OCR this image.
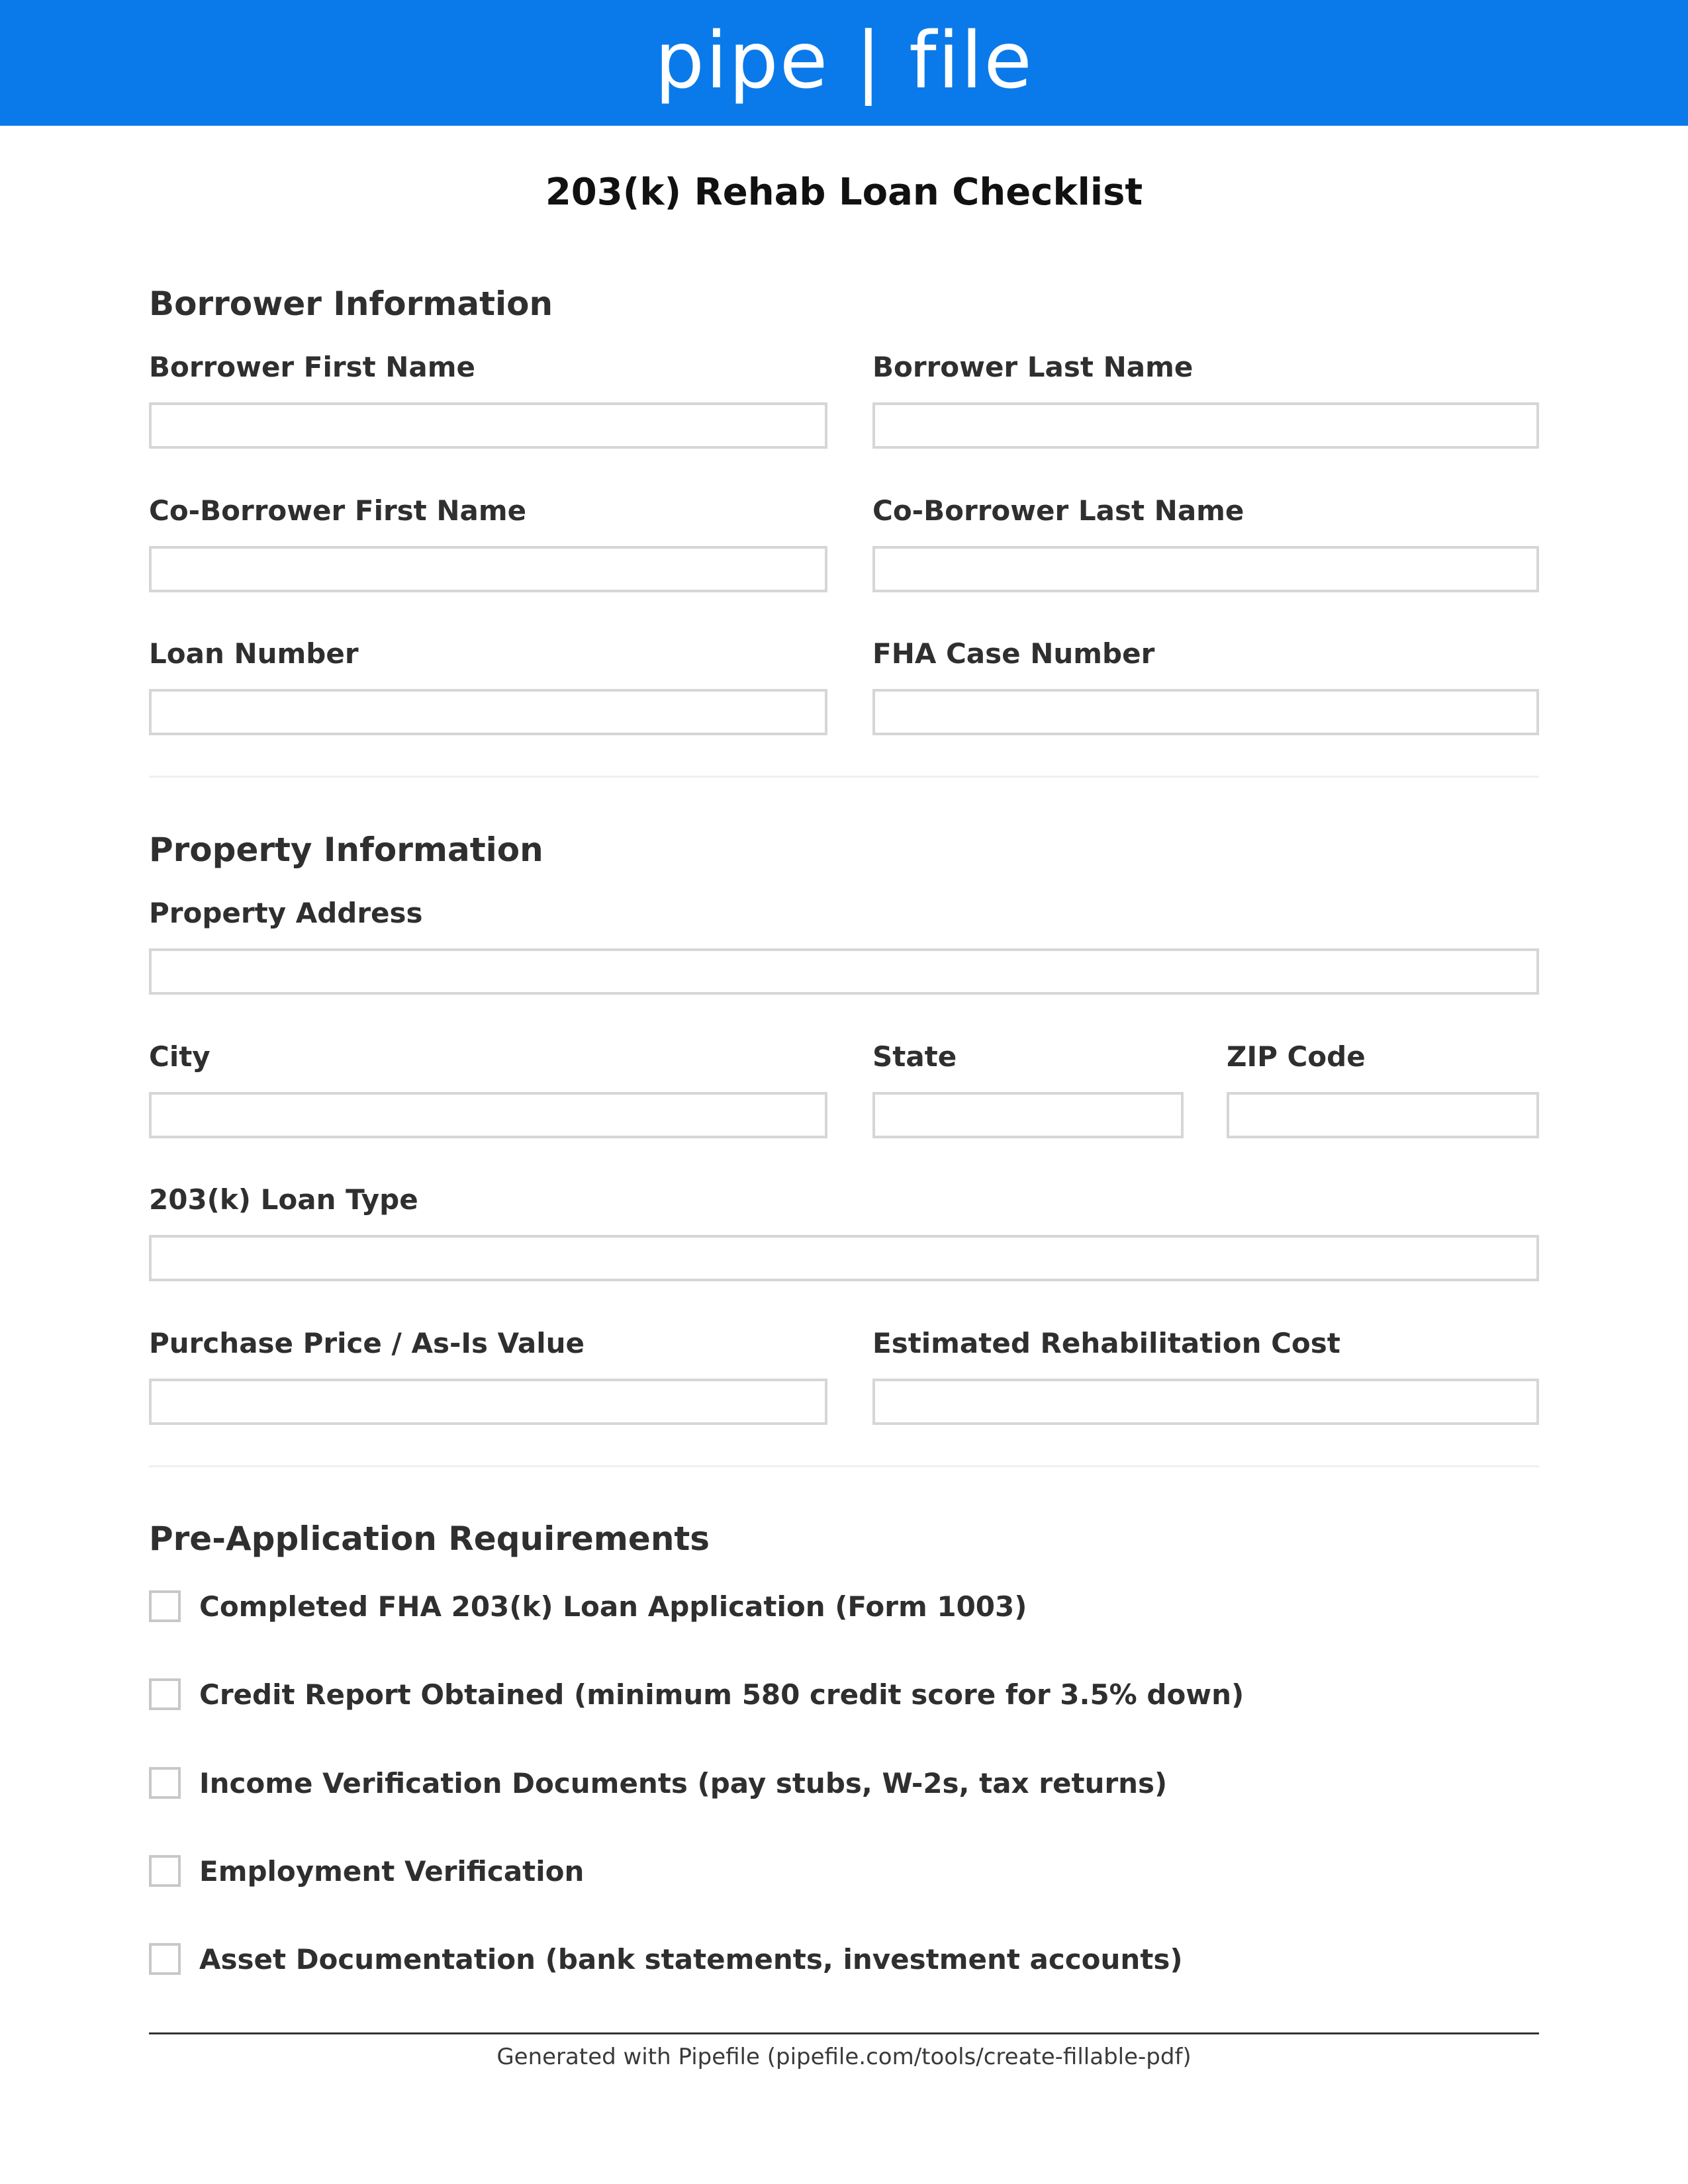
pipe | file
203(k) Rehab Loan Checklist
Borrower Information
Borrower First Name	Borrower Last Name
Co-Borrower First Name	Co-Borrower Last Name
Loan Number	FHA Case Number
Property Information
Property Address
City	State	ZIP Code
203(k) Loan Type
Purchase Price / As-Is Value	Estimated Rehabilitation Cost
Pre-Application Requirements
Completed FHA 203(k) Loan Application (Form 1003)
Credit Report Obtained (minimum 580 credit score for 3.5% down)
Income Verification Documents (pay stubs, W-2s, tax returns)
Employment Verification
Asset Documentation (bank statements, investment accounts)
Generated with Pipefile (pipefile.com/tools/create-fillable-pdf)
